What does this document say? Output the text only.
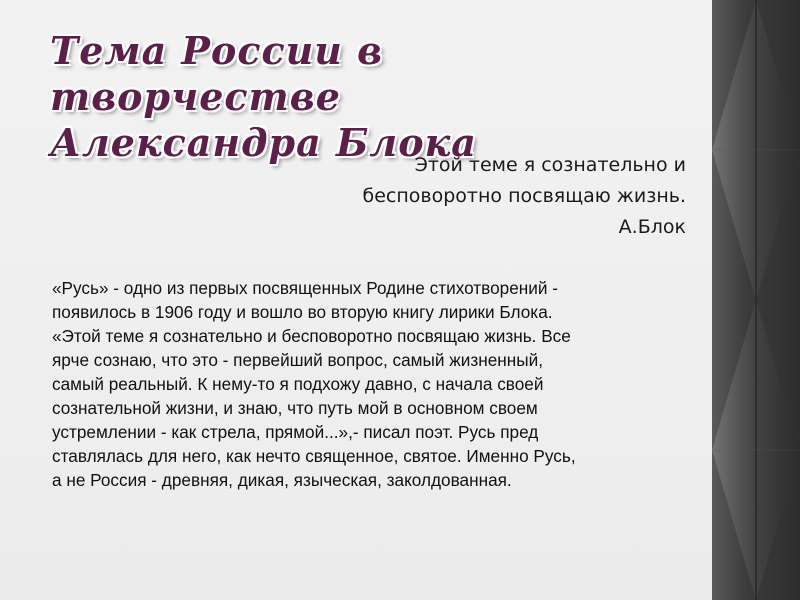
Тема России в творчестве
Александра Блока
Этой теме я сознательно и
бесповоротно посвящаю жизнь.
А.Блок
«Русь» - одно из первых посвященных Родине стихотворений -
появилось в 1906 году и вошло во вторую книгу лирики Блока.
«Этой теме я сознательно и бесповоротно посвящаю жизнь. Все
ярче сознаю, что это - первейший вопрос, самый жизненный,
самый реальный. К нему-то я подхожу давно, с начала своей
сознательной жизни, и знаю, что путь мой в основном своем
устремлении - как стрела, прямой...»,- писал поэт. Русь пред
ставлялась для него, как нечто священное, святое. Именно Русь,
а не Россия - древняя, дикая, языческая, заколдованная.
